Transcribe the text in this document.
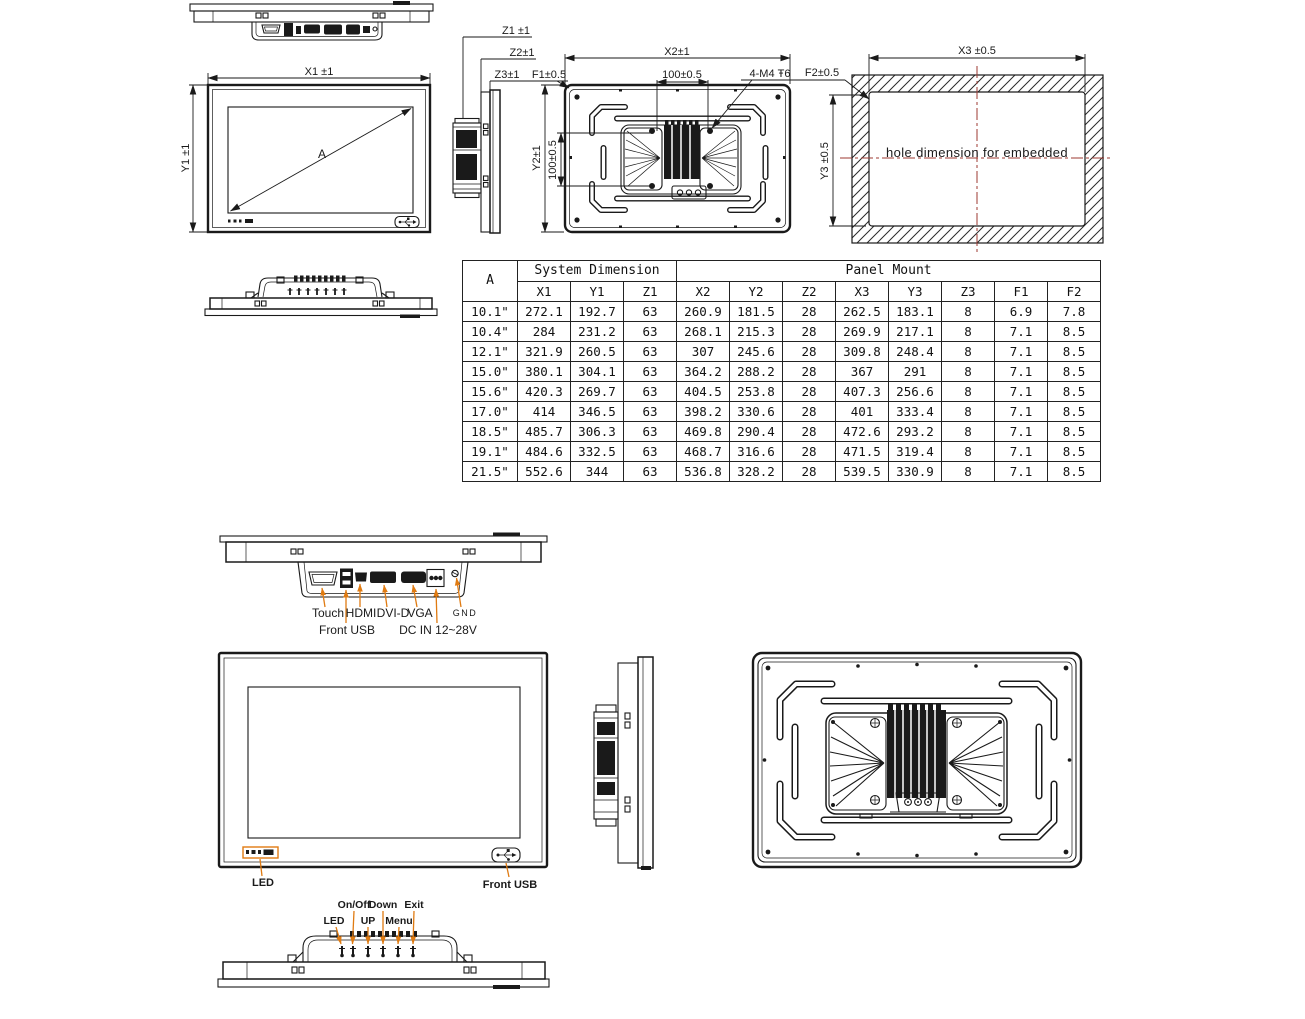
A
X1 ±1
Y1 ±1
Z1 ±1
Z2±1
Z3±1 F1±0.5
X2±1
100±0.5	4-M4 Ŧ6
Y2±1 100±0.5	hole dimension for embedded
X3 ±0.5
Y3 ±0.5
F2±0.5
Touch HDMI DVI-D
VGA GND
Front USB DC IN 12~28V
LED	Front USB
On/Off
Down Exit
LED UP Menu
A	System Dimension			Panel Mount							
	X1	Y1	Z1	X2	Y2	Z2	X3	Y3	Z3	F1	F2
10.1"	272.1	192.7	63	260.9	181.5	28	262.5	183.1	8	6.9	7.8
10.4"	284	231.2	63	268.1	215.3	28	269.9	217.1	8	7.1	8.5
12.1"	321.9	260.5	63	307	245.6	28	309.8	248.4	8	7.1	8.5
15.0"	380.1	304.1	63	364.2	288.2	28	367	291	8	7.1	8.5
15.6"	420.3	269.7	63	404.5	253.8	28	407.3	256.6	8	7.1	8.5
17.0"	414	346.5	63	398.2	330.6	28	401	333.4	8	7.1	8.5
18.5"	485.7	306.3	63	469.8	290.4	28	472.6	293.2	8	7.1	8.5
19.1"	484.6	332.5	63	468.7	316.6	28	471.5	319.4	8	7.1	8.5
21.5"	552.6	344	63	536.8	328.2	28	539.5	330.9	8	7.1	8.5
